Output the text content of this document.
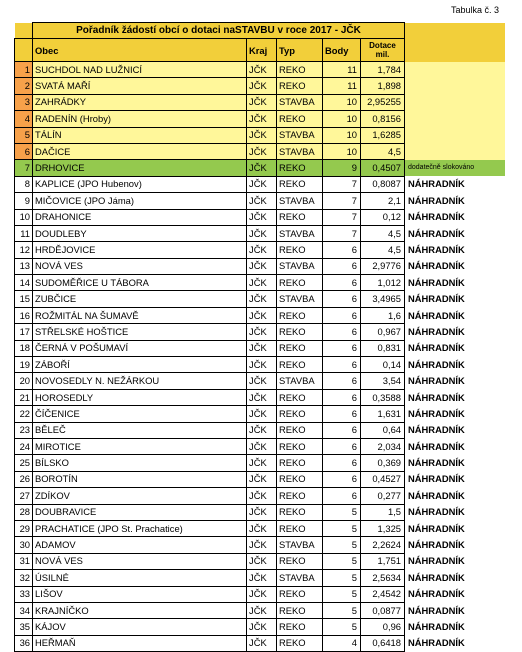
Tabulka č. 3
	Pořadník žádostí obcí o dotaci naSTAVBU v roce 2017 - JČK					
	Obec	Kraj	Typ	Body	Dotace
mil.	
1	SUCHDOL NAD LUŽNICÍ	JČK	REKO	11	1,784	
2	SVATÁ MAŘÍ	JČK	REKO	11	1,898	
3	ZAHRÁDKY	JČK	STAVBA	10	2,95255	
4	RADENÍN (Hroby)	JČK	REKO	10	0,8156	
5	TÁLÍN	JČK	STAVBA	10	1,6285	
6	DAČICE	JČK	STAVBA	10	4,5	
7	DRHOVICE	JČK	REKO	9	0,4507	dodatečně slokováno
8	KAPLICE (JPO Hubenov)	JČK	REKO	7	0,8087	NÁHRADNÍK
9	MIČOVICE (JPO Jáma)	JČK	STAVBA	7	2,1	NÁHRADNÍK
10	DRAHONICE	JČK	REKO	7	0,12	NÁHRADNÍK
11	DOUDLEBY	JČK	STAVBA	7	4,5	NÁHRADNÍK
12	HRDĚJOVICE	JČK	REKO	6	4,5	NÁHRADNÍK
13	NOVÁ VES	JČK	STAVBA	6	2,9776	NÁHRADNÍK
14	SUDOMĚŘICE U TÁBORA	JČK	REKO	6	1,012	NÁHRADNÍK
15	ZUBČICE	JČK	STAVBA	6	3,4965	NÁHRADNÍK
16	ROŽMITÁL NA ŠUMAVĚ	JČK	REKO	6	1,6	NÁHRADNÍK
17	STŘELSKÉ HOŠTICE	JČK	REKO	6	0,967	NÁHRADNÍK
18	ČERNÁ V POŠUMAVÍ	JČK	REKO	6	0,831	NÁHRADNÍK
19	ZÁBOŘÍ	JČK	REKO	6	0,14	NÁHRADNÍK
20	NOVOSEDLY N. NEŽÁRKOU	JČK	STAVBA	6	3,54	NÁHRADNÍK
21	HOROSEDLY	JČK	REKO	6	0,3588	NÁHRADNÍK
22	ČÍČENICE	JČK	REKO	6	1,631	NÁHRADNÍK
23	BĚLEČ	JČK	REKO	6	0,64	NÁHRADNÍK
24	MIROTICE	JČK	REKO	6	2,034	NÁHRADNÍK
25	BÍLSKO	JČK	REKO	6	0,369	NÁHRADNÍK
26	BOROTÍN	JČK	REKO	6	0,4527	NÁHRADNÍK
27	ZDÍKOV	JČK	REKO	6	0,277	NÁHRADNÍK
28	DOUBRAVICE	JČK	REKO	5	1,5	NÁHRADNÍK
29	PRACHATICE (JPO St. Prachatice)	JČK	REKO	5	1,325	NÁHRADNÍK
30	ADAMOV	JČK	STAVBA	5	2,2624	NÁHRADNÍK
31	NOVÁ VES	JČK	REKO	5	1,751	NÁHRADNÍK
32	ÚSILNÉ	JČK	STAVBA	5	2,5634	NÁHRADNÍK
33	LIŠOV	JČK	REKO	5	2,4542	NÁHRADNÍK
34	KRAJNÍČKO	JČK	REKO	5	0,0877	NÁHRADNÍK
35	KÁJOV	JČK	REKO	5	0,96	NÁHRADNÍK
36	HEŘMAŇ	JČK	REKO	4	0,6418	NÁHRADNÍK
